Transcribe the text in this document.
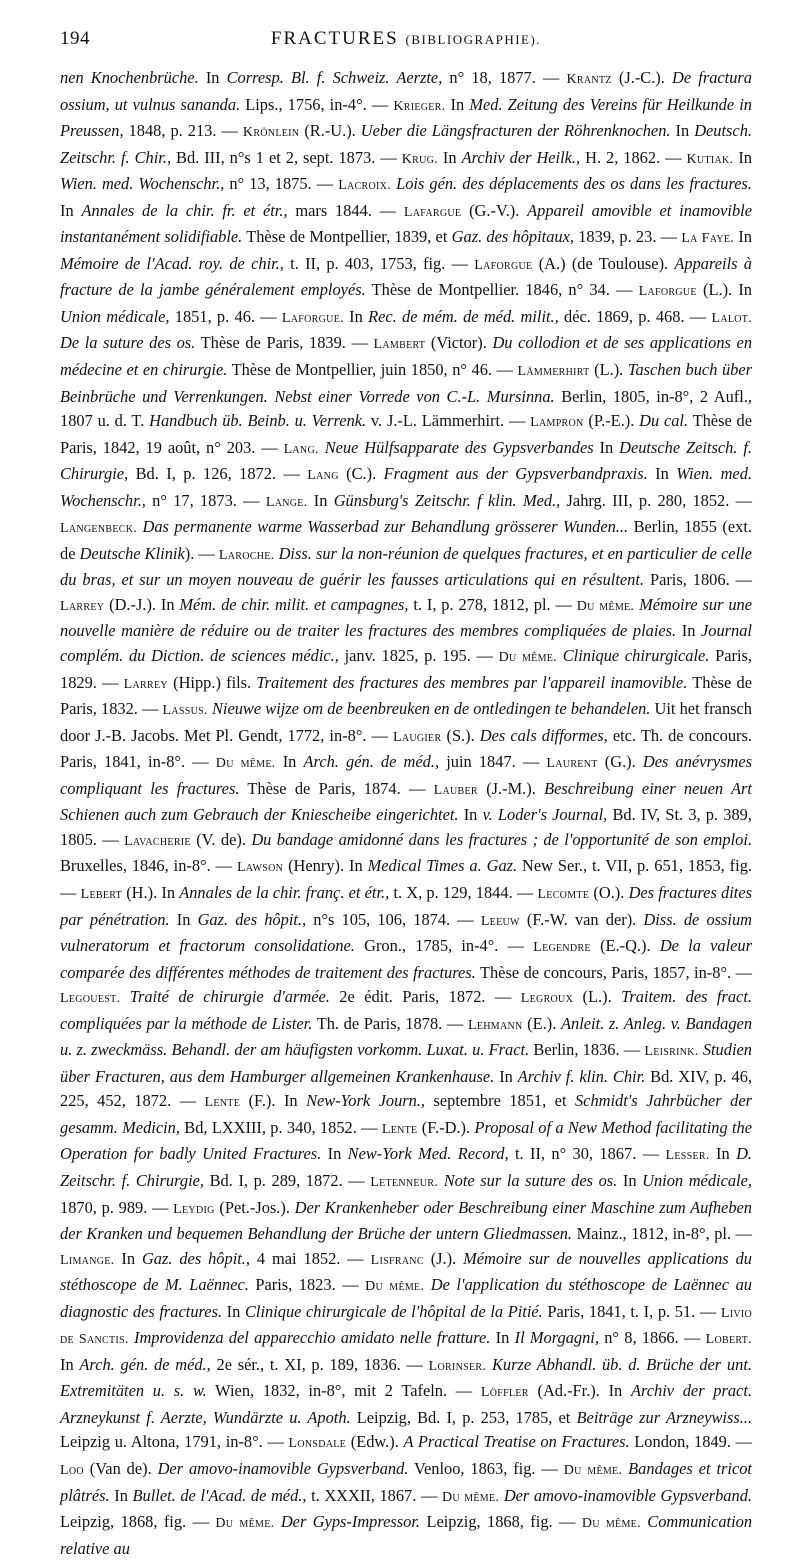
194	FRACTURES (BIBLIOGRAPHIE).
nen Knochenbrüche. In Corresp. Bl. f. Schweiz. Aerzte, n° 18, 1877. — Krantz (J.-C.). De fractura ossium, ut vulnus sananda. Lips., 1756, in-4°. — Krieger. In Med. Zeitung des Vereins für Heilkunde in Preussen, 1848, p. 213. — Krönlein (R.-U.). Ueber die Längsfracturen der Röhrenknochen. In Deutsch. Zeitschr. f. Chir., Bd. III, n°s 1 et 2, sept. 1873. — Krug. In Archiv der Heilk., H. 2, 1862. — Kutiak. In Wien. med. Wochenschr., n° 13, 1875. — Lacroix. Lois gén. des déplacements des os dans les fractures. In Annales de la chir. fr. et étr., mars 1844. — Lafargue (G.-V.). Appareil amovible et inamovible instantanément solidifiable. Thèse de Montpellier, 1839, et Gaz. des hôpitaux, 1839, p. 23. — La Faye. In Mémoire de l'Acad. roy. de chir., t. II, p. 403, 1753, fig. — Laforgue (A.) (de Toulouse). Appareils à fracture de la jambe généralement employés. Thèse de Montpellier. 1846, n° 34. — Laforgue (L.). In Union médicale, 1851, p. 46. — Laforgue. In Rec. de mém. de méd. milit., déc. 1869, p. 468. — Lalot. De la suture des os. Thèse de Paris, 1839. — Lambert (Victor). Du collodion et de ses applications en médecine et en chirurgie. Thèse de Montpellier, juin 1850, n° 46. — Lämmerhirt (L.). Taschen buch über Beinbrüche und Verrenkungen. Nebst einer Vorrede von C.-L. Mursinna. Berlin, 1805, in-8°, 2 Aufl., 1807 u. d. T. Handbuch üb. Beinb. u. Verrenk. v. J.-L. Lämmerhirt. — Lampron (P.-E.). Du cal. Thèse de Paris, 1842, 19 août, n° 203. — Lang. Neue Hülfsapparate des Gypsverbandes In Deutsche Zeitsch. f. Chirurgie, Bd. I, p. 126, 1872. — Lang (C.). Fragment aus der Gypsverbandpraxis. In Wien. med. Wochenschr., n° 17, 1873. — Lange. In Günsburg's Zeitschr. f klin. Med., Jahrg. III, p. 280, 1852. — Langenbeck. Das permanente warme Wasserbad zur Behandlung grösserer Wunden... Berlin, 1855 (ext. de Deutsche Klinik). — Laroche. Diss. sur la non-réunion de quelques fractures, et en particulier de celle du bras, et sur un moyen nouveau de guérir les fausses articulations qui en résultent. Paris, 1806. — Larrey (D.-J.). In Mém. de chir. milit. et campagnes, t. I, p. 278, 1812, pl. — Du même. Mémoire sur une nouvelle manière de réduire ou de traiter les fractures des membres compliquées de plaies. In Journal complém. du Diction. de sciences médic., janv. 1825, p. 195. — Du même. Clinique chirurgicale. Paris, 1829. — Larrey (Hipp.) fils. Traitement des fractures des membres par l'appareil inamovible. Thèse de Paris, 1832. — Lassus. Nieuwe wijze om de beenbreuken en de ontledingen te behandelen. Uit het fransch door J.-B. Jacobs. Met Pl. Gendt, 1772, in-8°. — Laugier (S.). Des cals difformes, etc. Th. de concours. Paris, 1841, in-8°. — Du même. In Arch. gén. de méd., juin 1847. — Laurent (G.). Des anévrysmes compliquant les fractures. Thèse de Paris, 1874. — Lauber (J.-M.). Beschreibung einer neuen Art Schienen auch zum Gebrauch der Kniescheibe eingerichtet. In v. Loder's Journal, Bd. IV, St. 3, p. 389, 1805. — Lavacherie (V. de). Du bandage amidonné dans les fractures ; de l'opportunité de son emploi. Bruxelles, 1846, in-8°. — Lawson (Henry). In Medical Times a. Gaz. New Ser., t. VII, p. 651, 1853, fig. — Lebert (H.). In Annales de la chir. franç. et étr., t. X, p. 129, 1844. — Lecomte (O.). Des fractures dites par pénétration. In Gaz. des hôpit., n°s 105, 106, 1874. — Leeuw (F.-W. van der). Diss. de ossium vulneratorum et fractorum consolidatione. Gron., 1785, in-4°. — Legendre (E.-Q.). De la valeur comparée des différentes méthodes de traitement des fractures. Thèse de concours, Paris, 1857, in-8°. — Legouest. Traité de chirurgie d'armée. 2e édit. Paris, 1872. — Legroux (L.). Traitem. des fract. compliquées par la méthode de Lister. Th. de Paris, 1878. — Lehmann (E.). Anleit. z. Anleg. v. Bandagen u. z. zweckmäss. Behandl. der am häufigsten vorkomm. Luxat. u. Fract. Berlin, 1836. — Leisrink. Studien über Fracturen, aus dem Hamburger allgemeinen Krankenhause. In Archiv f. klin. Chir. Bd. XIV, p. 46, 225, 452, 1872. — Lente (F.). In New-York Journ., septembre 1851, et Schmidt's Jahrbücher der gesamm. Medicin, Bd, LXXIII, p. 340, 1852. — Lente (F.-D.). Proposal of a New Method facilitating the Operation for badly United Fractures. In New-York Med. Record, t. II, n° 30, 1867. — Lesser. In D. Zeitschr. f. Chirurgie, Bd. I, p. 289, 1872. — Letenneur. Note sur la suture des os. In Union médicale, 1870, p. 989. — Leydig (Pet.-Jos.). Der Krankenheber oder Beschreibung einer Maschine zum Aufheben der Kranken und bequemen Behandlung der Brüche der untern Gliedmassen. Mainz., 1812, in-8°, pl. — Limange. In Gaz. des hôpit., 4 mai 1852. — Lisfranc (J.). Mémoire sur de nouvelles applications du stéthoscope de M. Laënnec. Paris, 1823. — Du même. De l'application du stéthoscope de Laënnec au diagnostic des fractures. In Clinique chirurgicale de l'hôpital de la Pitié. Paris, 1841, t. I, p. 51. — Livio de Sanctis. Improvidenza del apparecchio amidato nelle fratture. In Il Morgagni, n° 8, 1866. — Lobert. In Arch. gén. de méd., 2e sér., t. XI, p. 189, 1836. — Lorinser. Kurze Abhandl. üb. d. Brüche der unt. Extremitäten u. s. w. Wien, 1832, in-8°, mit 2 Tafeln. — Löffler (Ad.-Fr.). In Archiv der pract. Arzneykunst f. Aerzte, Wundärzte u. Apoth. Leipzig, Bd. I, p. 253, 1785, et Beiträge zur Arzneywiss... Leipzig u. Altona, 1791, in-8°. — Lonsdale (Edw.). A Practical Treatise on Fractures. London, 1849. — Loo (Van de). Der amovo-inamovible Gypsverband. Venloo, 1863, fig. — Du même. Bandages et tricot plâtrés. In Bullet. de l'Acad. de méd., t. XXXII, 1867. — Du même. Der amovo-inamovible Gypsverband. Leipzig, 1868, fig. — Du même. Der Gyps-Impressor. Leipzig, 1868, fig. — Du même. Communication relative au
